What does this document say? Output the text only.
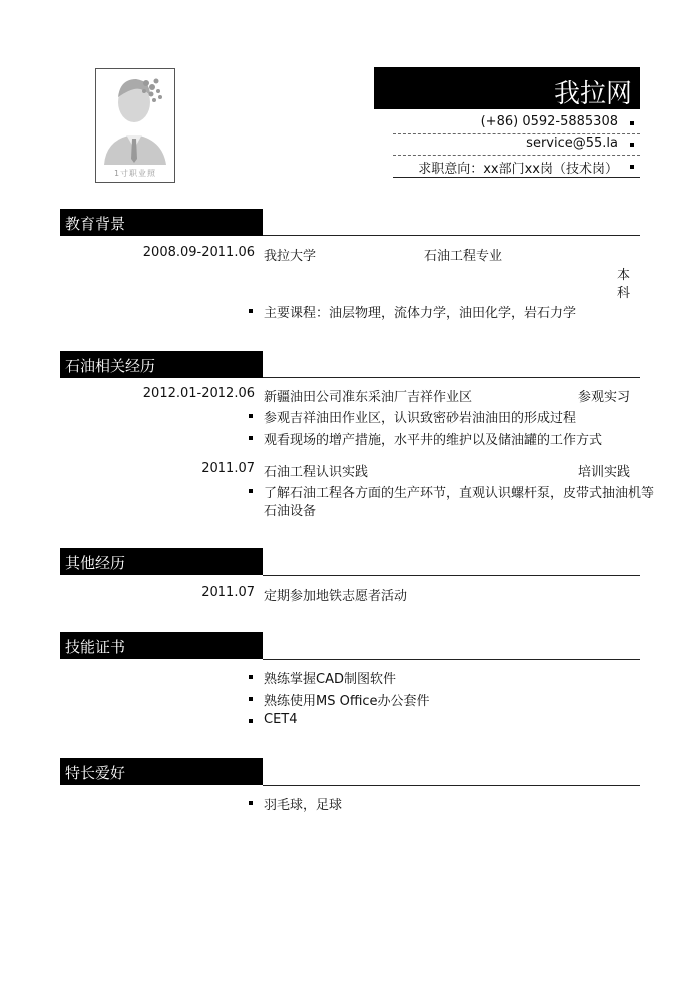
1寸职业照
我拉网
(+86) 0592-5885308
service@55.la
求职意向：xx部门xx岗（技术岗）
教育背景
2008.09-2011.06 我拉大学	石油工程专业
本
科
主要课程：油层物理，流体力学，油田化学，岩石力学
石油相关经历
2012.01-2012.06 新疆油田公司准东采油厂吉祥作业区	参观实习
参观吉祥油田作业区，认识致密砂岩油油田的形成过程
观看现场的增产措施，水平井的维护以及储油罐的工作方式
2011.07 石油工程认识实践	培训实践
了解石油工程各方面的生产环节，直观认识螺杆泵，皮带式抽油机等
石油设备
其他经历
2011.07 定期参加地铁志愿者活动
技能证书
熟练掌握CAD制图软件
熟练使用MS Office办公套件
CET4
特长爱好
羽毛球，足球
